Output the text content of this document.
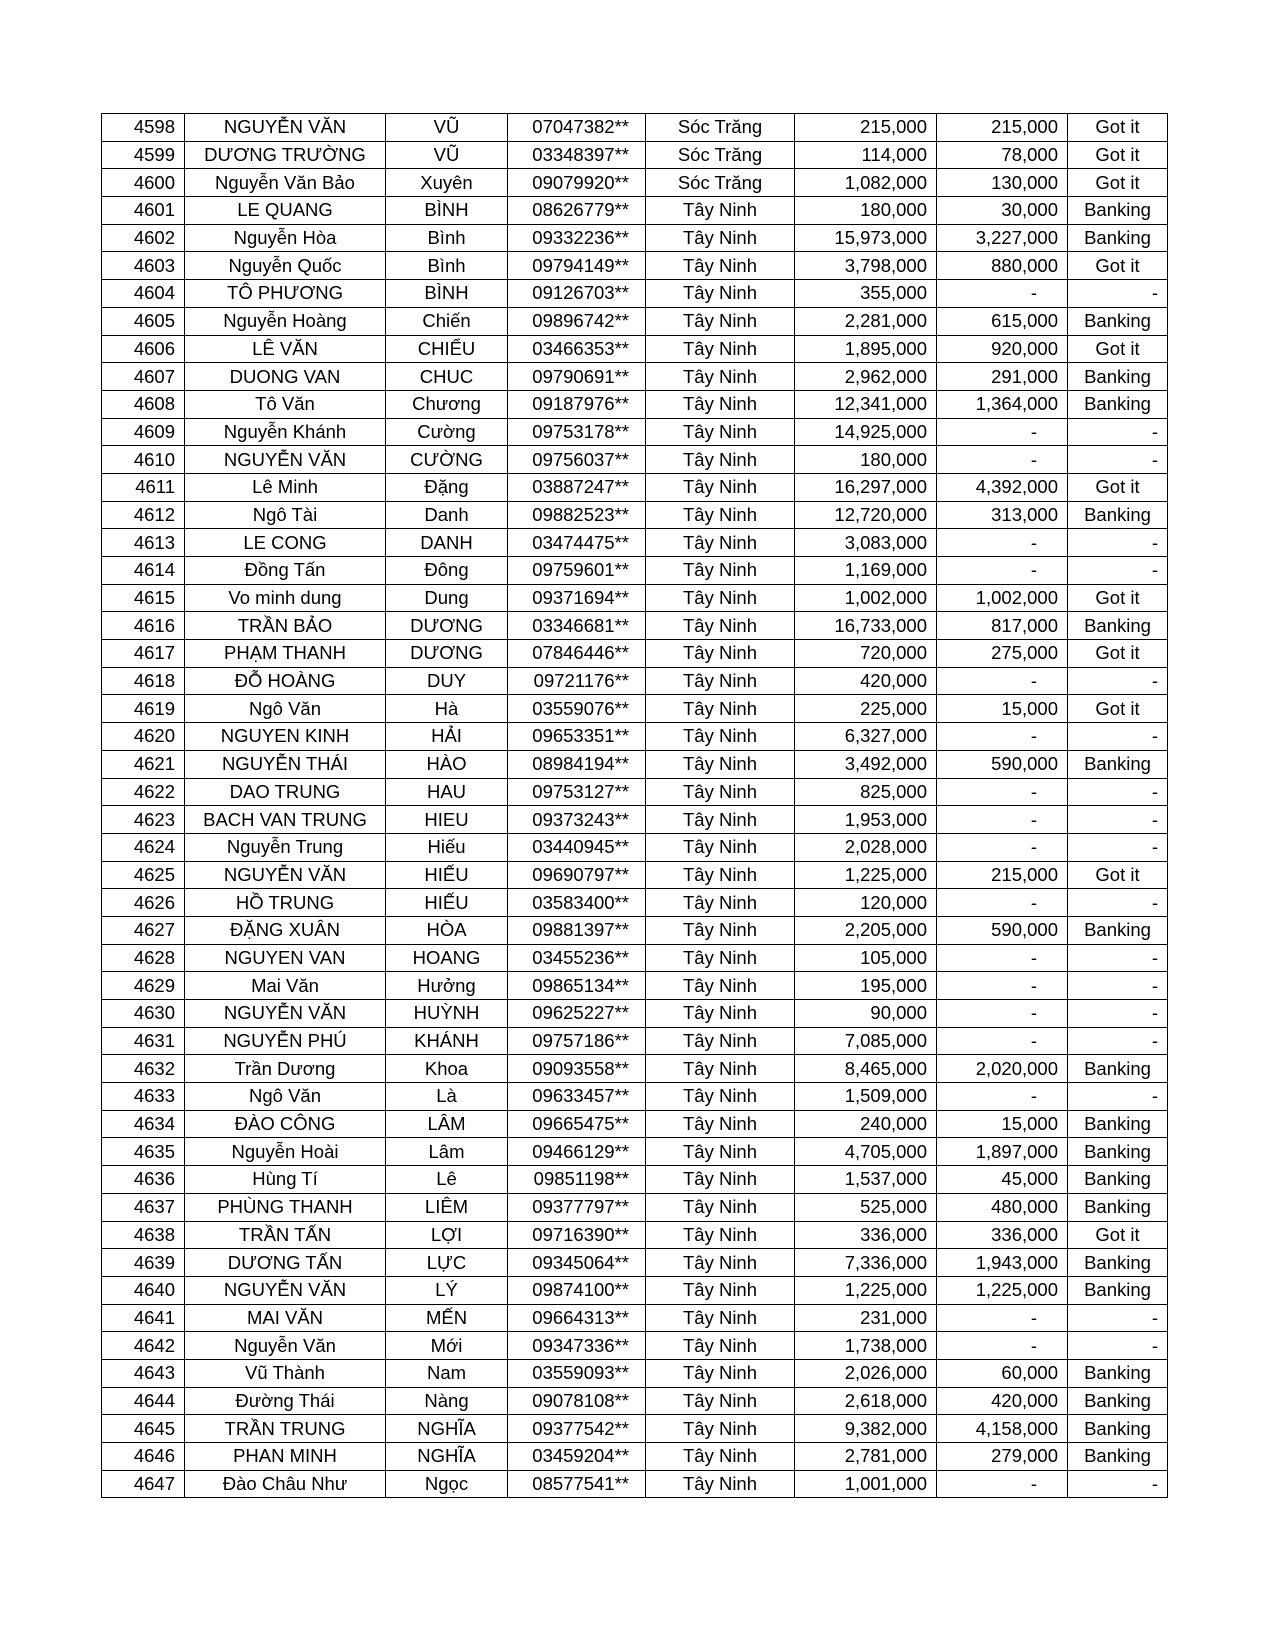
4598	NGUYỄN VĂN	VŨ	07047382**	Sóc Trăng	215,000	215,000	Got it
4599	DƯƠNG TRƯỜNG	VŨ	03348397**	Sóc Trăng	114,000	78,000	Got it
4600	Nguyễn Văn Bảo	Xuyên	09079920**	Sóc Trăng	1,082,000	130,000	Got it
4601	LE QUANG	BÌNH	08626779**	Tây Ninh	180,000	30,000	Banking
4602	Nguyễn Hòa	Bình	09332236**	Tây Ninh	15,973,000	3,227,000	Banking
4603	Nguyễn Quốc	Bình	09794149**	Tây Ninh	3,798,000	880,000	Got it
4604	TÔ PHƯƠNG	BÌNH	09126703**	Tây Ninh	355,000	-	-
4605	Nguyễn Hoàng	Chiến	09896742**	Tây Ninh	2,281,000	615,000	Banking
4606	LÊ VĂN	CHIỂU	03466353**	Tây Ninh	1,895,000	920,000	Got it
4607	DUONG VAN	CHUC	09790691**	Tây Ninh	2,962,000	291,000	Banking
4608	Tô Văn	Chương	09187976**	Tây Ninh	12,341,000	1,364,000	Banking
4609	Nguyễn Khánh	Cường	09753178**	Tây Ninh	14,925,000	-	-
4610	NGUYỄN VĂN	CƯỜNG	09756037**	Tây Ninh	180,000	-	-
4611	Lê Minh	Đặng	03887247**	Tây Ninh	16,297,000	4,392,000	Got it
4612	Ngô Tài	Danh	09882523**	Tây Ninh	12,720,000	313,000	Banking
4613	LE CONG	DANH	03474475**	Tây Ninh	3,083,000	-	-
4614	Đồng Tấn	Đông	09759601**	Tây Ninh	1,169,000	-	-
4615	Vo minh dung	Dung	09371694**	Tây Ninh	1,002,000	1,002,000	Got it
4616	TRẦN BẢO	DƯƠNG	03346681**	Tây Ninh	16,733,000	817,000	Banking
4617	PHẠM THANH	DƯƠNG	07846446**	Tây Ninh	720,000	275,000	Got it
4618	ĐỖ HOÀNG	DUY	09721176**	Tây Ninh	420,000	-	-
4619	Ngô Văn	Hà	03559076**	Tây Ninh	225,000	15,000	Got it
4620	NGUYEN KINH	HẢI	09653351**	Tây Ninh	6,327,000	-	-
4621	NGUYỄN THÁI	HÀO	08984194**	Tây Ninh	3,492,000	590,000	Banking
4622	DAO TRUNG	HAU	09753127**	Tây Ninh	825,000	-	-
4623	BACH VAN TRUNG	HIEU	09373243**	Tây Ninh	1,953,000	-	-
4624	Nguyễn Trung	Hiếu	03440945**	Tây Ninh	2,028,000	-	-
4625	NGUYỄN VĂN	HIẾU	09690797**	Tây Ninh	1,225,000	215,000	Got it
4626	HỒ TRUNG	HIẾU	03583400**	Tây Ninh	120,000	-	-
4627	ĐẶNG XUÂN	HÒA	09881397**	Tây Ninh	2,205,000	590,000	Banking
4628	NGUYEN VAN	HOANG	03455236**	Tây Ninh	105,000	-	-
4629	Mai Văn	Hưởng	09865134**	Tây Ninh	195,000	-	-
4630	NGUYỄN VĂN	HUỲNH	09625227**	Tây Ninh	90,000	-	-
4631	NGUYỄN PHÚ	KHÁNH	09757186**	Tây Ninh	7,085,000	-	-
4632	Trần Dương	Khoa	09093558**	Tây Ninh	8,465,000	2,020,000	Banking
4633	Ngô Văn	Là	09633457**	Tây Ninh	1,509,000	-	-
4634	ĐÀO CÔNG	LÂM	09665475**	Tây Ninh	240,000	15,000	Banking
4635	Nguyễn Hoài	Lâm	09466129**	Tây Ninh	4,705,000	1,897,000	Banking
4636	Hùng Tí	Lê	09851198**	Tây Ninh	1,537,000	45,000	Banking
4637	PHÙNG THANH	LIÊM	09377797**	Tây Ninh	525,000	480,000	Banking
4638	TRẦN TẤN	LỢI	09716390**	Tây Ninh	336,000	336,000	Got it
4639	DƯƠNG TẤN	LỰC	09345064**	Tây Ninh	7,336,000	1,943,000	Banking
4640	NGUYỄN VĂN	LÝ	09874100**	Tây Ninh	1,225,000	1,225,000	Banking
4641	MAI VĂN	MẾN	09664313**	Tây Ninh	231,000	-	-
4642	Nguyễn Văn	Mới	09347336**	Tây Ninh	1,738,000	-	-
4643	Vũ Thành	Nam	03559093**	Tây Ninh	2,026,000	60,000	Banking
4644	Đường Thái	Nàng	09078108**	Tây Ninh	2,618,000	420,000	Banking
4645	TRẦN TRUNG	NGHĨA	09377542**	Tây Ninh	9,382,000	4,158,000	Banking
4646	PHAN MINH	NGHĨA	03459204**	Tây Ninh	2,781,000	279,000	Banking
4647	Đào Châu Như	Ngọc	08577541**	Tây Ninh	1,001,000	-	-
